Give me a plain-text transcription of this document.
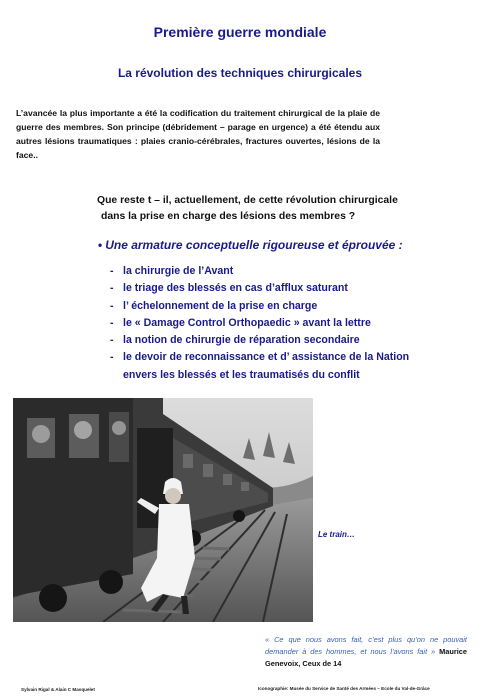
Première guerre mondiale
La révolution des techniques chirurgicales

L’avancée la plus importante a été la codification du traitement chirurgical de la plaie de guerre des membres. Son principe (débridement – parage en urgence) a été étendu aux autres lésions traumatiques : plaies cranio-cérébrales, fractures ouvertes, lésions de la face..

Que reste t – il, actuellement, de cette révolution chirurgicale
dans la prise en charge des lésions des membres ?
• Une armature conceptuelle rigoureuse et éprouvée :
- la chirurgie de l’Avant
- le triage des blessés en cas d’afflux saturant
- l’ échelonnement de la prise en charge
- le « Damage Control Orthopaedic » avant la lettre
- la notion de chirurgie de réparation secondaire
- le devoir de reconnaissance et d’ assistance de la Nation
envers les blessés et les traumatisés du conflit
Le train…
« Ce que nous avons fait, c’est plus qu’on ne pouvait demander à des hommes, et nous l’avons fait » Maurice Genevoix, Ceux de 14
Sylvain Rigal & Alain C Masquelet	Iconographie: Musée du Service de Santé des Armées – Ecole du Val-de-Grâce
